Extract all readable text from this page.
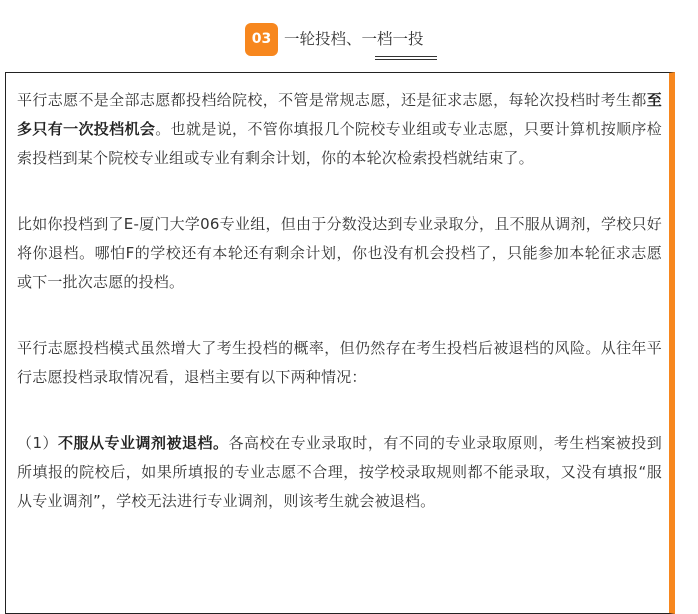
03 一轮投档、一档一投

平行志愿不是全部志愿都投档给院校，不管是常规志愿，还是征求志愿，每轮次投档时考生都至多只有一次投档机会。也就是说，不管你填报几个院校专业组或专业志愿，只要计算机按顺序检索投档到某个院校专业组或专业有剩余计划，你的本轮次检索投档就结束了。

比如你投档到了E-厦门大学06专业组，但由于分数没达到专业录取分，且不服从调剂，学校只好将你退档。哪怕F的学校还有本轮还有剩余计划，你也没有机会投档了，只能参加本轮征求志愿或下一批次志愿的投档。

平行志愿投档模式虽然增大了考生投档的概率，但仍然存在考生投档后被退档的风险。从往年平行志愿投档录取情况看，退档主要有以下两种情况：

（1）不服从专业调剂被退档。各高校在专业录取时，有不同的专业录取原则，考生档案被投到所填报的院校后，如果所填报的专业志愿不合理，按学校录取规则都不能录取，又没有填报“服从专业调剂”，学校无法进行专业调剂，则该考生就会被退档。
